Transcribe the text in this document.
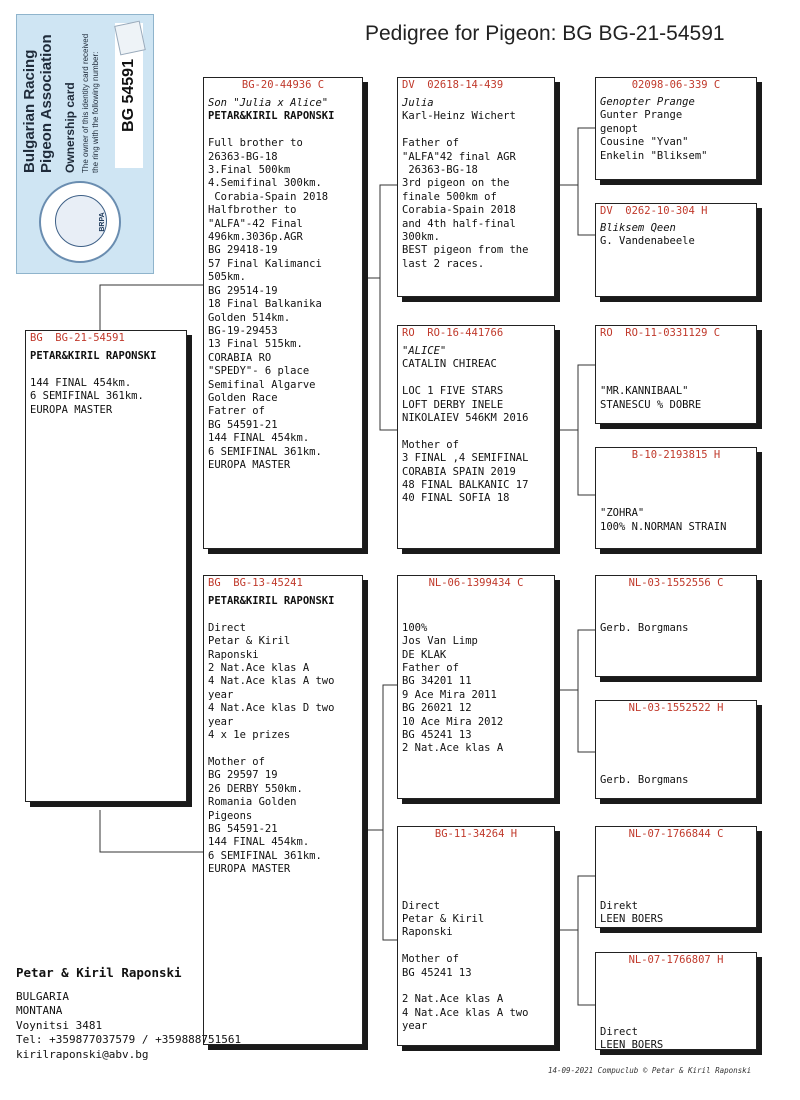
Pedigree for Pigeon: BG BG-21-54591
Bulgarian Racing Pigeon Association Ownership card The owner of this identity card received the ring with the following number:	BG 54591
BRPA
BG  BG-21-54591
PETAR&KIRIL RAPONSKI

144 FINAL 454km.
6 SEMIFINAL 361km.
EUROPA MASTER
BG-20-44936 C
Son "Julia x Alice"
PETAR&KIRIL RAPONSKI

Full brother to
26363-BG-18
3.Final 500km
4.Semifinal 300km.
Corabia-Spain 2018
Halfbrother to
"ALFA"-42 Final
496km.3036p.AGR
BG 29418-19
57 Final Kalimanci
505km.
BG 29514-19
18 Final Balkanika
Golden 514km.
BG-19-29453
13 Final 515km.
CORABIA RO
"SPEDY"- 6 place
Semifinal Algarve
Golden Race
Fatrer of
BG 54591-21
144 FINAL 454km.
6 SEMIFINAL 361km.
EUROPA MASTER
BG  BG-13-45241
PETAR&KIRIL RAPONSKI

Direct
Petar & Kiril
Raponski
2 Nat.Ace klas A
4 Nat.Ace klas A two
year
4 Nat.Ace klas D two
year
4 x 1e prizes

Mother of
BG 29597 19
26 DERBY 550km.
Romania Golden
Pigeons
BG 54591-21
144 FINAL 454km.
6 SEMIFINAL 361km.
EUROPA MASTER
DV  02618-14-439
Julia
Karl-Heinz Wichert

Father of
"ALFA"42 final AGR
26363-BG-18
3rd pigeon on the
finale 500km of
Corabia-Spain 2018
and 4th half-final
300km.
BEST pigeon from the
last 2 races.
RO  RO-16-441766
"ALICE"
CATALIN CHIREAC

LOC 1 FIVE STARS
LOFT DERBY INELE
NIKOLAIEV 546KM 2016

Mother of
3 FINAL ,4 SEMIFINAL
CORABIA SPAIN 2019
48 FINAL BALKANIC 17
40 FINAL SOFIA 18
NL-06-1399434 C

100%
Jos Van Limp
DE KLAK
Father of
BG 34201 11
9 Ace Mira 2011
BG 26021 12
10 Ace Mira 2012
BG 45241 13
2 Nat.Ace klas A
BG-11-34264 H

Direct
Petar & Kiril
Raponski

Mother of
BG 45241 13

2 Nat.Ace klas A
4 Nat.Ace klas A two
year
02098-06-339 C
Genopter Prange
Gunter Prange
genopt
Cousine "Yvan"
Enkelin "Bliksem"
DV  0262-10-304 H
Bliksem Qeen
G. Vandenabeele
RO  RO-11-0331129 C

"MR.KANNIBAAL"
STANESCU % DOBRE
B-10-2193815 H

"ZOHRA"
100% N.NORMAN STRAIN
NL-03-1552556 C

Gerb. Borgmans
NL-03-1552522 H

Gerb. Borgmans
NL-07-1766844 C

Direkt
LEEN BOERS
NL-07-1766807 H

Direct
LEEN BOERS
Petar & Kiril Raponski
BULGARIA
MONTANA
Voynitsi 3481
Tel: +359877037579 / +359888751561
kirilraponski@abv.bg
14-09-2021 Compuclub © Petar & Kiril Raponski
